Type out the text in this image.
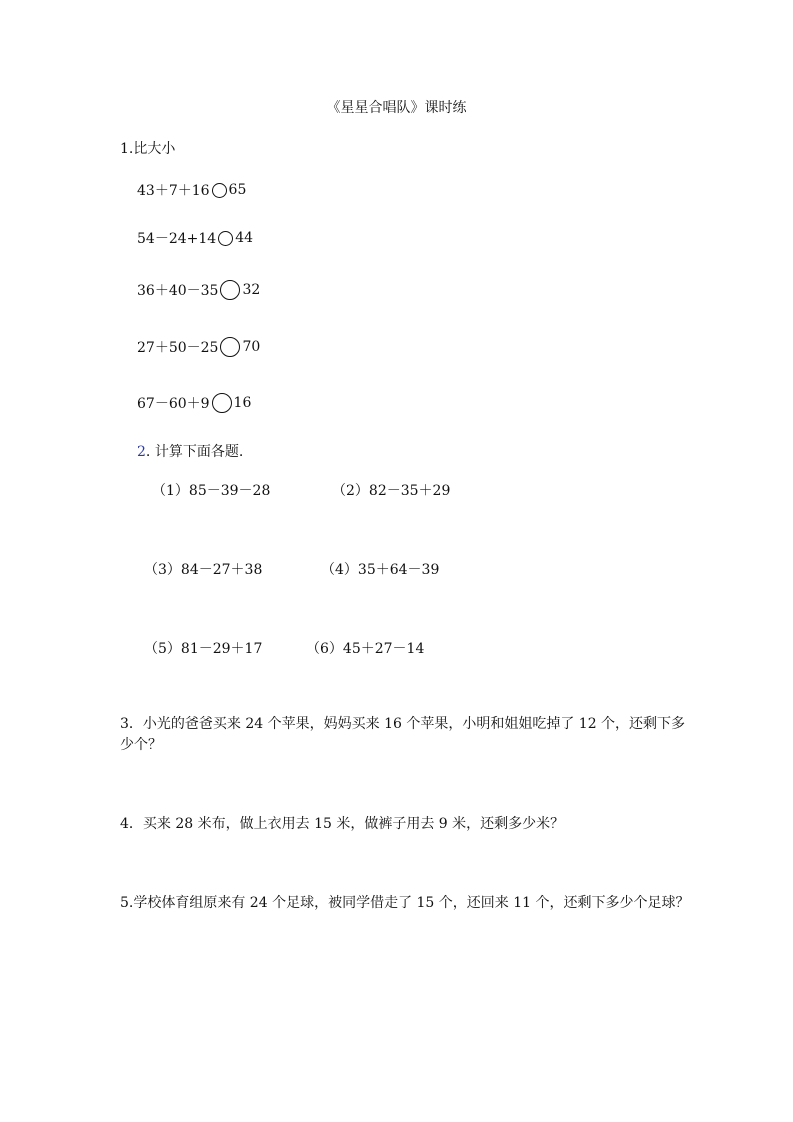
《星星合唱队》课时练
1.比大小
43＋7＋16 65
54－24+14 44
36＋40－35 32
27＋50－25 70
67－60＋9 16
2. 计算下面各题.
（1）85－39－28	（2）82－35＋29
（3）84－27＋38	（4）35＋64－39
（5）81－29＋17	（6）45＋27－14
3．小光的爸爸买来 24 个苹果，妈妈买来 16 个苹果，小明和姐姐吃掉了 12 个，还剩下多少个？
4．买来 28 米布，做上衣用去 15 米，做裤子用去 9 米，还剩多少米？
5.学校体育组原来有 24 个足球，被同学借走了 15 个，还回来 11 个，还剩下多少个足球？
